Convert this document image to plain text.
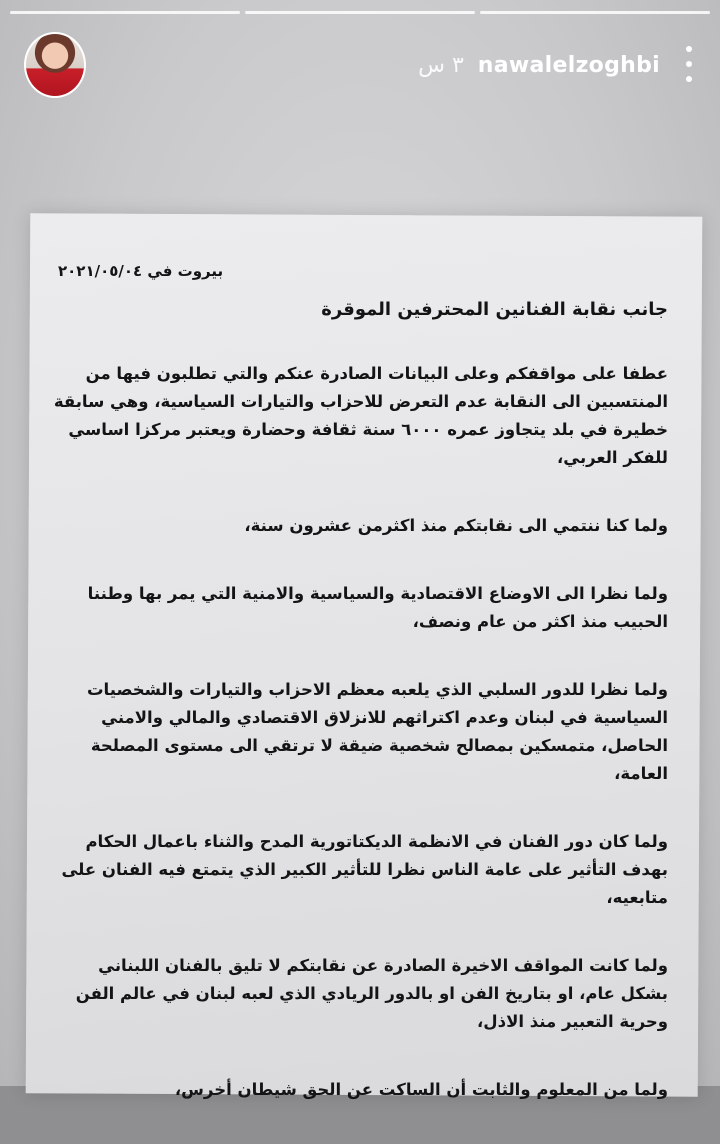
٣ س nawalelzoghbi
بيروت في ٢٠٢١/٠٥/٠٤
جانب نقابة الفنانين المحترفين الموقرة

عطفا على مواقفكم وعلى البيانات الصادرة عنكم والتي تطلبون فيها من المنتسبين الى النقابة عدم التعرض للاحزاب والتيارات السياسية، وهي سابقة خطيرة في بلد يتجاوز عمره ٦٠٠٠ سنة ثقافة وحضارة ويعتبر مركزا اساسي للفكر العربي،

ولما كنا ننتمي الى نقابتكم منذ اكثرمن عشرون سنة،

ولما نظرا الى الاوضاع الاقتصادية والسياسية والامنية التي يمر بها وطننا الحبيب منذ اكثر من عام ونصف،

ولما نظرا للدور السلبي الذي يلعبه معظم الاحزاب والتيارات والشخصيات السياسية في لبنان وعدم اكتراثهم للانزلاق الاقتصادي والمالي والامني الحاصل، متمسكين بمصالح شخصية ضيقة لا ترتقي الى مستوى المصلحة العامة،

ولما كان دور الفنان في الانظمة الديكتاتورية المدح والثناء باعمال الحكام بهدف التأثير على عامة الناس نظرا للتأثير الكبير الذي يتمتع فيه الفنان على متابعيه،

ولما كانت المواقف الاخيرة الصادرة عن نقابتكم لا تليق بالفنان اللبناني بشكل عام، او بتاريخ الفن او بالدور الريادي الذي لعبه لبنان في عالم الفن وحرية التعبير منذ الاذل،

ولما من المعلوم والثابت أن الساكت عن الحق شيطان أخرس،
